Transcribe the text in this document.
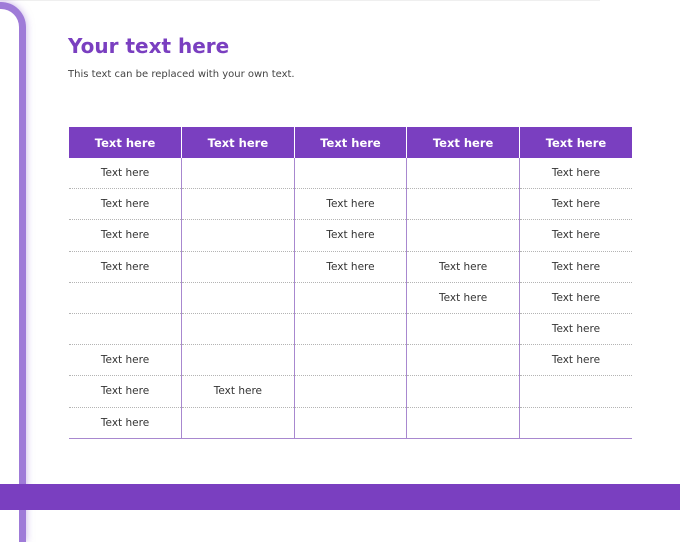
Your text here

This text can be replaced with your own text.

Text here	Text here	Text here	Text here	Text here
Text here				Text here
Text here		Text here		Text here
Text here		Text here		Text here
Text here		Text here	Text here	Text here
			Text here	Text here
				Text here
Text here				Text here
Text here	Text here			
Text here				
